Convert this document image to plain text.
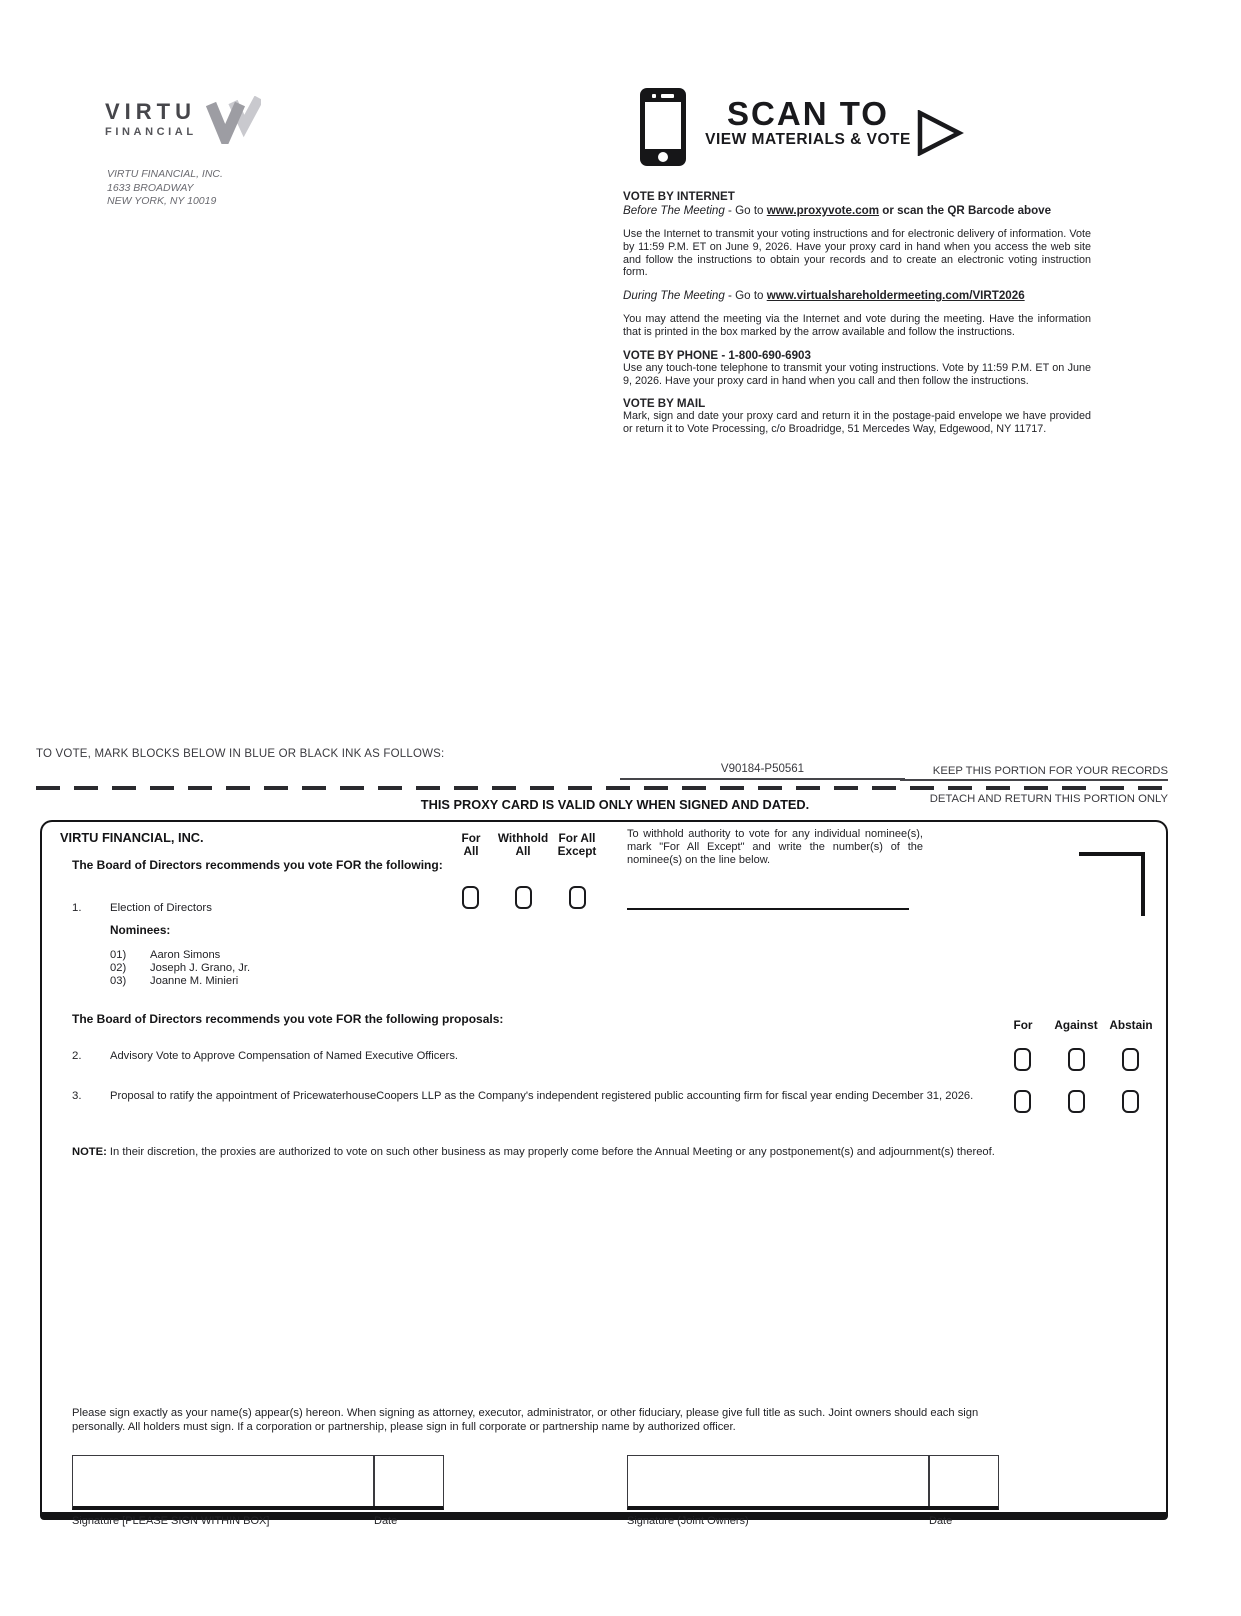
VIRTU
FINANCIAL
VIRTU FINANCIAL, INC.
1633 BROADWAY
NEW YORK, NY 10019
SCAN TO
VIEW MATERIALS & VOTE
VOTE BY INTERNET
Before The Meeting - Go to www.proxyvote.com or scan the QR Barcode above
Use the Internet to transmit your voting instructions and for electronic delivery of information. Vote by 11:59 P.M. ET on June 9, 2026. Have your proxy card in hand when you access the web site and follow the instructions to obtain your records and to create an electronic voting instruction form.
During The Meeting - Go to www.virtualshareholdermeeting.com/VIRT2026
You may attend the meeting via the Internet and vote during the meeting. Have the information that is printed in the box marked by the arrow available and follow the instructions.
VOTE BY PHONE - 1-800-690-6903
Use any touch-tone telephone to transmit your voting instructions. Vote by 11:59 P.M. ET on June 9, 2026. Have your proxy card in hand when you call and then follow the instructions.
VOTE BY MAIL
Mark, sign and date your proxy card and return it in the postage-paid envelope we have provided or return it to Vote Processing, c/o Broadridge, 51 Mercedes Way, Edgewood, NY 11717.
TO VOTE, MARK BLOCKS BELOW IN BLUE OR BLACK INK AS FOLLOWS:
V90184-P50561	KEEP THIS PORTION FOR YOUR RECORDS
DETACH AND RETURN THIS PORTION ONLY
THIS PROXY CARD IS VALID ONLY WHEN SIGNED AND DATED.
VIRTU FINANCIAL, INC.	For
All
Withhold
All
For All
Except
The Board of Directors recommends you vote FOR the following:
1.	Election of Directors
To withhold authority to vote for any individual nominee(s), mark "For All Except" and write the number(s) of the nominee(s) on the line below.
Nominees:
01) Aaron Simons
02) Joseph J. Grano, Jr.
03) Joanne M. Minieri
The Board of Directors recommends you vote FOR the following proposals:	For	Against Abstain
2.	Advisory Vote to Approve Compensation of Named Executive Officers.
3.	Proposal to ratify the appointment of PricewaterhouseCoopers LLP as the Company's independent registered public accounting firm for fiscal year ending December 31, 2026.
NOTE: In their discretion, the proxies are authorized to vote on such other business as may properly come before the Annual Meeting or any postponement(s) and adjournment(s) thereof.
Please sign exactly as your name(s) appear(s) hereon. When signing as attorney, executor, administrator, or other fiduciary, please give full title as such. Joint owners should each sign personally. All holders must sign. If a corporation or partnership, please sign in full corporate or partnership name by authorized officer.
Signature [PLEASE SIGN WITHIN BOX]	Date	Signature (Joint Owners)	Date
